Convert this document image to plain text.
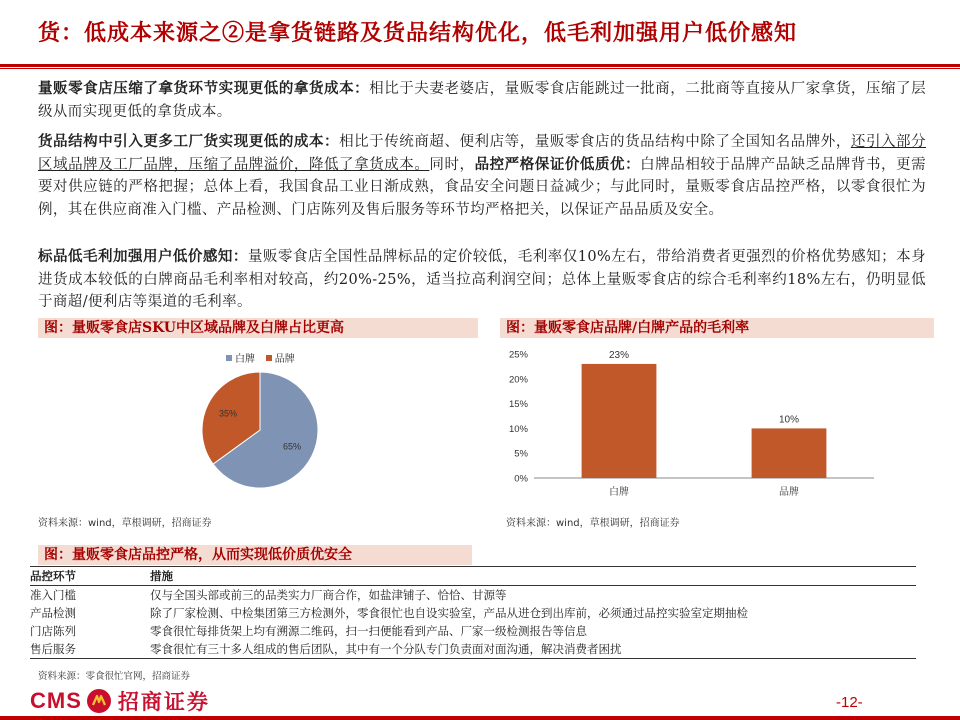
货：低成本来源之②是拿货链路及货品结构优化，低毛利加强用户低价感知
量贩零食店压缩了拿货环节实现更低的拿货成本：相比于夫妻老婆店，量贩零食店能跳过一批商，二批商等直接从厂家拿货，压缩了层级从而实现更低的拿货成本。
货品结构中引入更多工厂货实现更低的成本：相比于传统商超、便利店等，量贩零食店的货品结构中除了全国知名品牌外，还引入部分区域品牌及工厂品牌，压缩了品牌溢价，降低了拿货成本。同时，品控严格保证价低质优：白牌品相较于品牌产品缺乏品牌背书，更需要对供应链的严格把握；总体上看，我国食品工业日渐成熟，食品安全问题日益减少；与此同时，量贩零食店品控严格，以零食很忙为例，其在供应商准入门槛、产品检测、门店陈列及售后服务等环节均严格把关，以保证产品品质及安全。
标品低毛利加强用户低价感知：量贩零食店全国性品牌标品的定价较低，毛利率仅10%左右，带给消费者更强烈的价格优势感知；本身进货成本较低的白牌商品毛利率相对较高，约20%-25%，适当拉高利润空间；总体上量贩零食店的综合毛利率约18%左右，仍明显低于商超/便利店等渠道的毛利率。
图：量贩零食店SKU中区域品牌及白牌占比更高	图：量贩零食店品牌/白牌产品的毛利率
白牌
品牌
65%
35%
0%
5%
10%
15%
20%
25%	23%
白牌
10%
品牌
资料来源：wind，草根调研，招商证券	资料来源：wind，草根调研，招商证券
图：量贩零食店品控严格，从而实现低价质优安全
品控环节	措施
准入门槛	仅与全国头部或前三的品类实力厂商合作，如盐津铺子、恰恰、甘源等
产品检测	除了厂家检测、中检集团第三方检测外，零食很忙也自设实验室，产品从进仓到出库前，必须通过品控实验室定期抽检
门店陈列	零食很忙每排货架上均有溯源二维码，扫一扫便能看到产品、厂家一级检测报告等信息
售后服务	零食很忙有三十多人组成的售后团队，其中有一个分队专门负责面对面沟通，解决消费者困扰
资料来源：零食很忙官网，招商证券
CMS 招商证券	-12-
